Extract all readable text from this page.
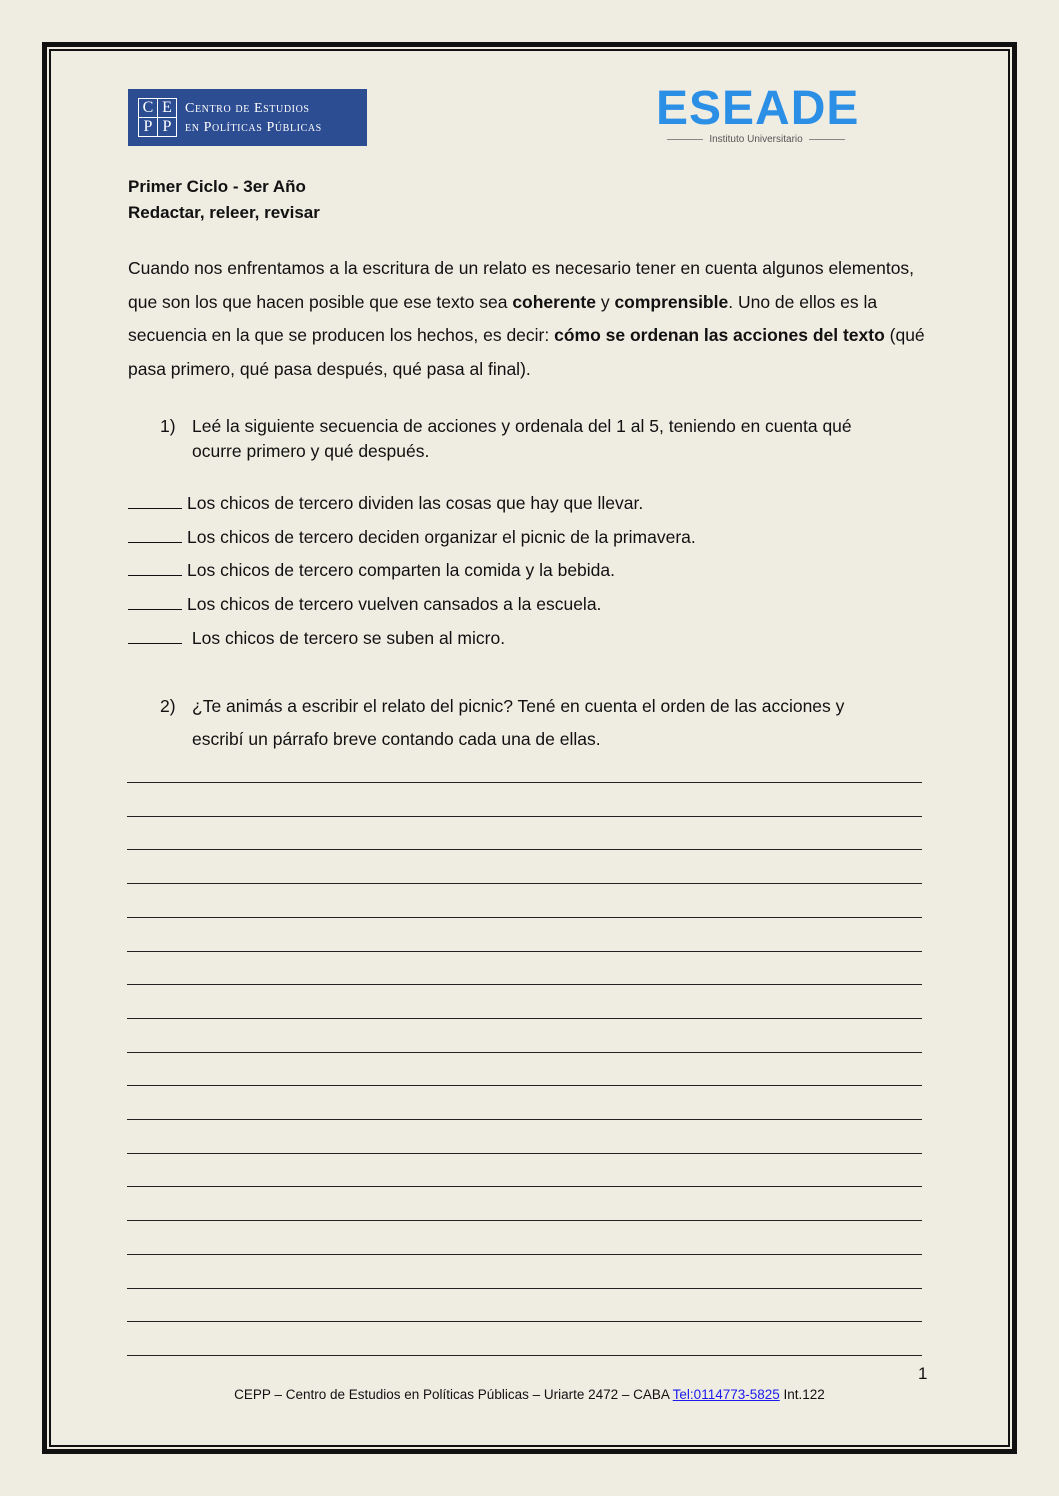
C E
P P
Centro de Estudios
en Políticas Públicas	ESEADE
Instituto Universitario
Primer Ciclo - 3er Año
Redactar, releer, revisar
Cuando nos enfrentamos a la escritura de un relato es necesario tener en cuenta algunos elementos, que son los que hacen posible que ese texto sea coherente y comprensible. Uno de ellos es la secuencia en la que se producen los hechos, es decir: cómo se ordenan las acciones del texto (qué pasa primero, qué pasa después, qué pasa al final).
1) Leé la siguiente secuencia de acciones y ordenala del 1 al 5, teniendo en cuenta qué
ocurre primero y qué después.
Los chicos de tercero dividen las cosas que hay que llevar.
Los chicos de tercero deciden organizar el picnic de la primavera.
Los chicos de tercero comparten la comida y la bebida.
Los chicos de tercero vuelven cansados a la escuela.
Los chicos de tercero se suben al micro.
2) ¿Te animás a escribir el relato del picnic? Tené en cuenta el orden de las acciones y
escribí un párrafo breve contando cada una de ellas.
1
CEPP – Centro de Estudios en Políticas Públicas – Uriarte 2472 – CABA Tel:0114773-5825 Int.122
